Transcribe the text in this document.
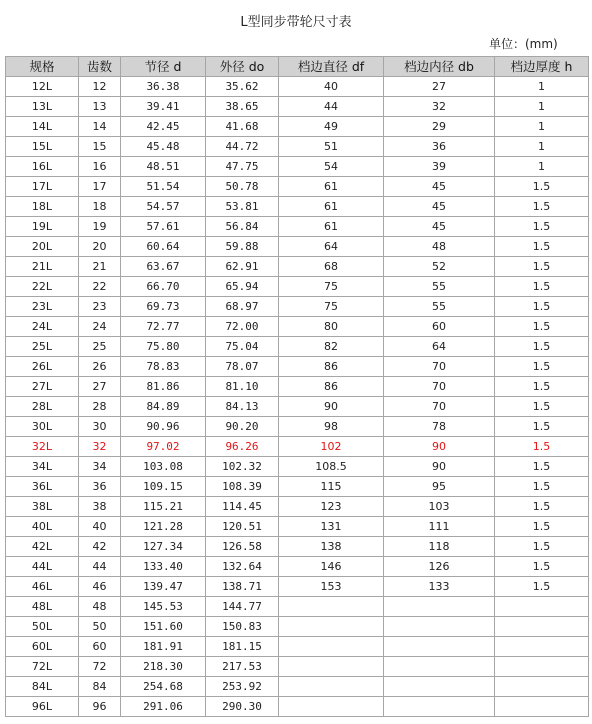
L型同步带轮尺寸表
单位：(mm)
规格	齿数	节径 d	外径 do	档边直径 df	档边内径 db	档边厚度 h
12L	12	36.38	35.62	40	27	1
13L	13	39.41	38.65	44	32	1
14L	14	42.45	41.68	49	29	1
15L	15	45.48	44.72	51	36	1
16L	16	48.51	47.75	54	39	1
17L	17	51.54	50.78	61	45	1.5
18L	18	54.57	53.81	61	45	1.5
19L	19	57.61	56.84	61	45	1.5
20L	20	60.64	59.88	64	48	1.5
21L	21	63.67	62.91	68	52	1.5
22L	22	66.70	65.94	75	55	1.5
23L	23	69.73	68.97	75	55	1.5
24L	24	72.77	72.00	80	60	1.5
25L	25	75.80	75.04	82	64	1.5
26L	26	78.83	78.07	86	70	1.5
27L	27	81.86	81.10	86	70	1.5
28L	28	84.89	84.13	90	70	1.5
30L	30	90.96	90.20	98	78	1.5
32L	32	97.02	96.26	102	90	1.5
34L	34	103.08	102.32	108.5	90	1.5
36L	36	109.15	108.39	115	95	1.5
38L	38	115.21	114.45	123	103	1.5
40L	40	121.28	120.51	131	111	1.5
42L	42	127.34	126.58	138	118	1.5
44L	44	133.40	132.64	146	126	1.5
46L	46	139.47	138.71	153	133	1.5
48L	48	145.53	144.77			
50L	50	151.60	150.83			
60L	60	181.91	181.15			
72L	72	218.30	217.53			
84L	84	254.68	253.92			
96L	96	291.06	290.30			
